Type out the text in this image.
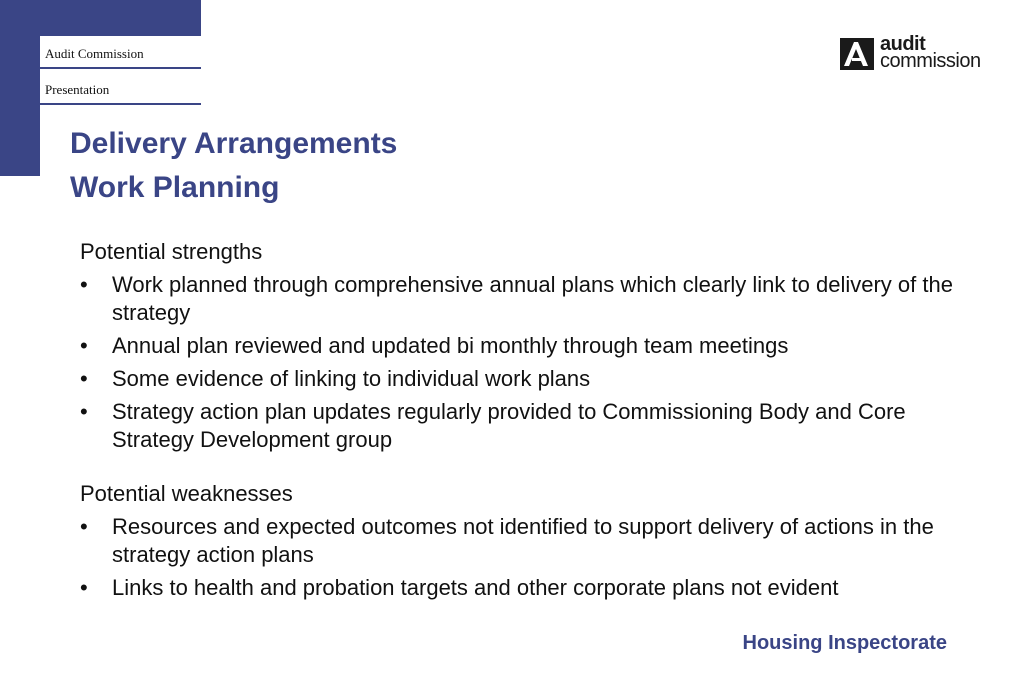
Audit Commission
Presentation
audit
commission
Delivery Arrangements
Work Planning

Potential strengths

• Work planned through comprehensive annual plans which clearly link to delivery of the strategy
• Annual plan reviewed and updated bi monthly through team meetings
• Some evidence of linking to individual work plans
• Strategy action plan updates regularly provided to Commissioning Body and Core Strategy Development group

Potential weaknesses

• Resources and expected outcomes not identified to support delivery of actions in the strategy action plans
• Links to health and probation targets and other corporate plans not evident
Housing Inspectorate
